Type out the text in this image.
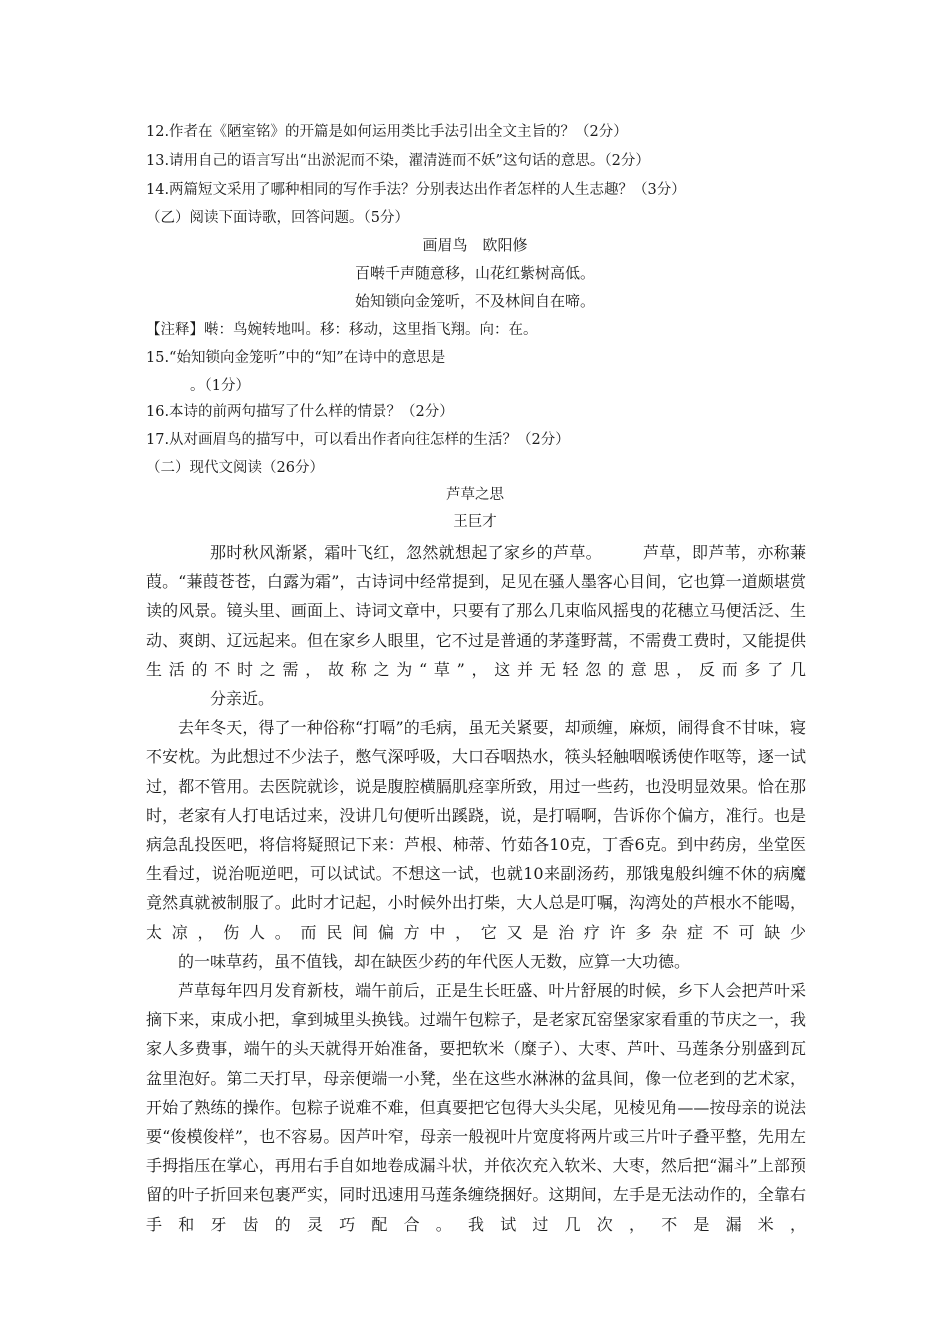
12.作者在《陋室铭》的开篇是如何运用类比手法引出全文主旨的？（2分）
13.请用自己的语言写出“出淤泥而不染，濯清涟而不妖”这句话的意思。（2分）
14.两篇短文采用了哪种相同的写作手法？分别表达出作者怎样的人生志趣？（3分）
（乙）阅读下面诗歌，回答问题。（5分）
画眉鸟　欧阳修
百啭千声随意移，山花红紫树高低。
始知锁向金笼听，不及林间自在啼。
【注释】啭：鸟婉转地叫。移：移动，这里指飞翔。向：在。
15.“始知锁向金笼听”中的“知”在诗中的意思是
。（1分）
16.本诗的前两句描写了什么样的情景？（2分）
17.从对画眉鸟的描写中，可以看出作者向往怎样的生活？（2分）
（二）现代文阅读（26分）
芦草之思
王巨才

那时秋风渐紧，霜叶飞红，忽然就想起了家乡的芦草。　　　芦草，即芦苇，亦称蒹葭。“蒹葭苍苍，白露为霜”，古诗词中经常提到，足见在骚人墨客心目间，它也算一道颇堪赏读的风景。镜头里、画面上、诗词文章中，只要有了那么几束临风摇曳的花穗立马便活泛、生动、爽朗、辽远起来。但在家乡人眼里，它不过是普通的茅蓬野蒿，不需费工费时，又能提供生活的不时之需，故称之为“草”，这并无轻忽的意思，反而多了几
分亲近。

去年冬天，得了一种俗称“打嗝”的毛病，虽无关紧要，却顽缠，麻烦，闹得食不甘味，寝不安枕。为此想过不少法子，憋气深呼吸，大口吞咽热水，筷头轻触咽喉诱使作呕等，逐一试过，都不管用。去医院就诊，说是腹腔横膈肌痉挛所致，用过一些药，也没明显效果。恰在那时，老家有人打电话过来，没讲几句便听出蹊跷，说，是打嗝啊，告诉你个偏方，准行。也是病急乱投医吧，将信将疑照记下来：芦根、柿蒂、竹茹各10克，丁香6克。到中药房，坐堂医生看过，说治呃逆吧，可以试试。不想这一试，也就10来副汤药，那饿鬼般纠缠不休的病魔竟然真就被制服了。此时才记起，小时候外出打柴，大人总是叮嘱，沟湾处的芦根水不能喝，太凉，伤人。而民间偏方中，它又是治疗许多杂症不可缺少
的一味草药，虽不值钱，却在缺医少药的年代医人无数，应算一大功德。

芦草每年四月发育新枝，端午前后，正是生长旺盛、叶片舒展的时候，乡下人会把芦叶采摘下来，束成小把，拿到城里头换钱。过端午包粽子，是老家瓦窑堡家家看重的节庆之一，我家人多费事，端午的头天就得开始准备，要把软米（糜子）、大枣、芦叶、马莲条分别盛到瓦盆里泡好。第二天打早，母亲便端一小凳，坐在这些水淋淋的盆具间，像一位老到的艺术家，开始了熟练的操作。包粽子说难不难，但真要把它包得大头尖尾，见棱见角——按母亲的说法要“俊模俊样”，也不容易。因芦叶窄，母亲一般视叶片宽度将两片或三片叶子叠平整，先用左手拇指压在掌心，再用右手自如地卷成漏斗状，并依次充入软米、大枣，然后把“漏斗”上部预留的叶子折回来包裹严实，同时迅速用马莲条缠绕捆好。这期间，左手是无法动作的，全靠右手和牙齿的灵巧配合。我试过几次，不是漏米，
